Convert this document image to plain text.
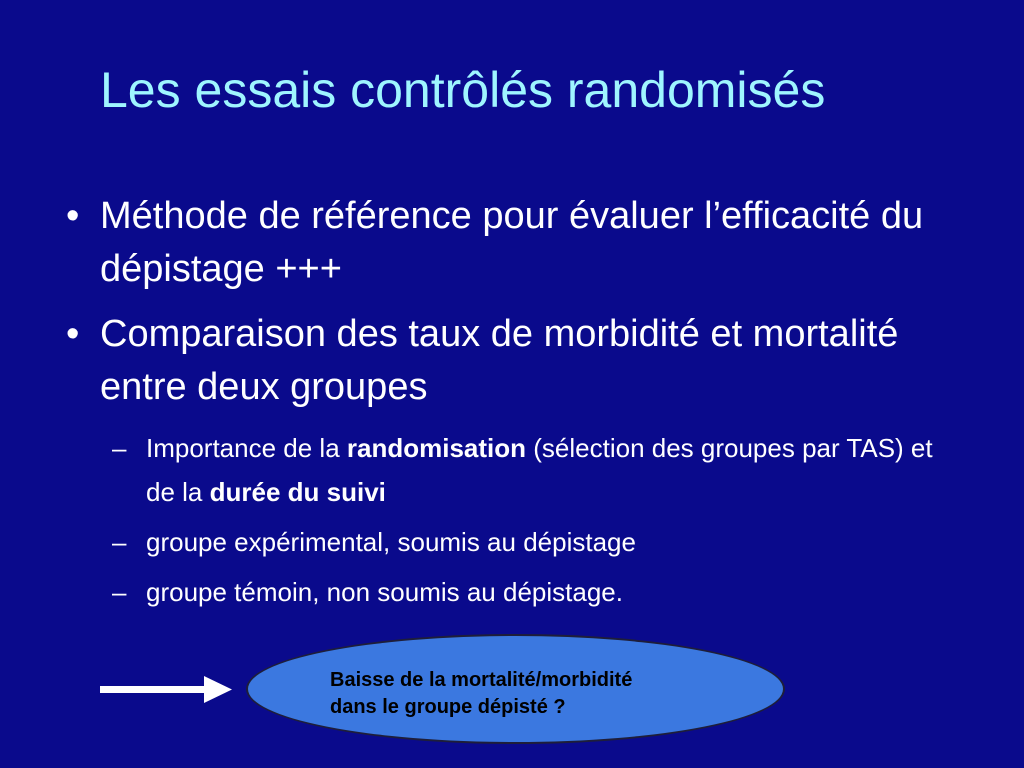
Les essais contrôlés randomisés
• Méthode de référence pour évaluer l’efficacité du dépistage +++
• Comparaison des taux de morbidité et mortalité entre deux groupes
– Importance de la randomisation (sélection des groupes par TAS) et de la durée du suivi
– groupe expérimental, soumis au dépistage
– groupe témoin, non soumis au dépistage.
Baisse de la mortalité/morbidité
dans le groupe dépisté ?
